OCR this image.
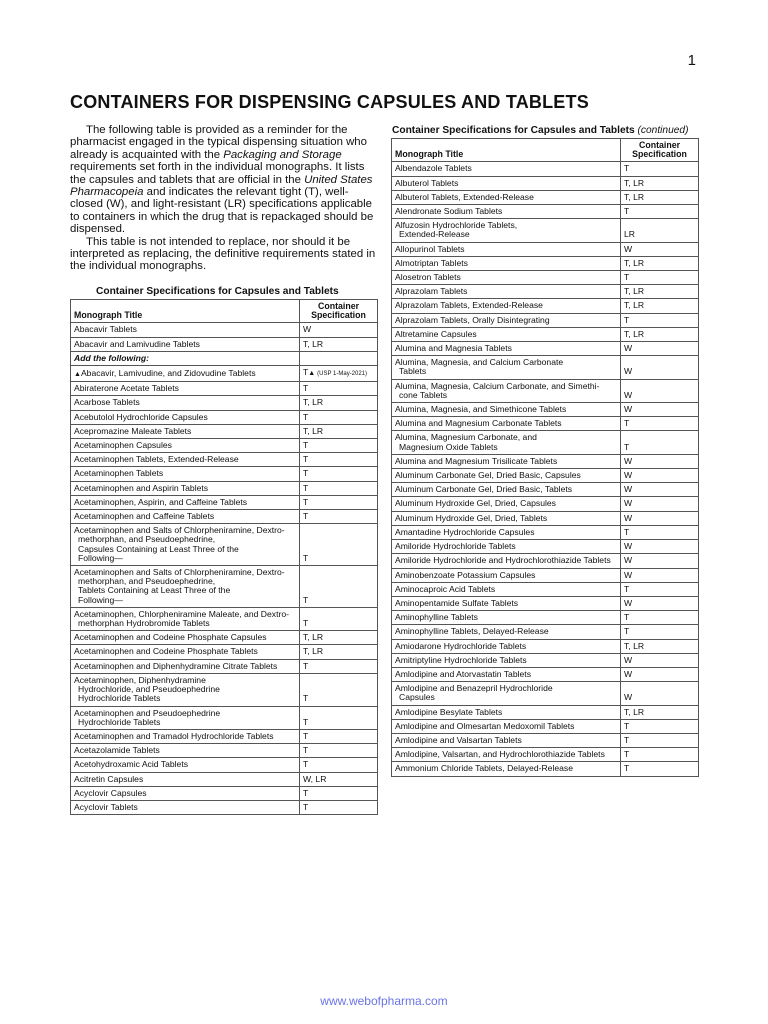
1
CONTAINERS FOR DISPENSING CAPSULES AND TABLETS

The following table is provided as a reminder for the pharmacist engaged in the typical dispensing situation who already is acquainted with the Packaging and Storage requirements set forth in the individual monographs. It lists the capsules and tablets that are official in the United States Pharmacopeia and indicates the relevant tight (T), well-closed (W), and light-resistant (LR) specifications applicable to containers in which the drug that is repackaged should be dispensed.

This table is not intended to replace, nor should it be interpreted as replacing, the definitive requirements stated in the individual monographs.

Container Specifications for Capsules and Tablets
Monograph Title	Container
Specification
Abacavir Tablets	W
Abacavir and Lamivudine Tablets	T, LR
Add the following:	
▲Abacavir, Lamivudine, and Zidovudine Tablets	T▲ (USP 1-May-2021)
Abiraterone Acetate Tablets	T
Acarbose Tablets	T, LR
Acebutolol Hydrochloride Capsules	T
Acepromazine Maleate Tablets	T, LR
Acetaminophen Capsules	T
Acetaminophen Tablets, Extended-Release	T
Acetaminophen Tablets	T
Acetaminophen and Aspirin Tablets	T
Acetaminophen, Aspirin, and Caffeine Tablets	T
Acetaminophen and Caffeine Tablets	T
Acetaminophen and Salts of Chlorpheniramine, Dextro-
methorphan, and Pseudoephedrine,
Capsules Containing at Least Three of the
Following—	T
Acetaminophen and Salts of Chlorpheniramine, Dextro-
methorphan, and Pseudoephedrine,
Tablets Containing at Least Three of the
Following—	T
Acetaminophen, Chlorpheniramine Maleate, and Dextro-
methorphan Hydrobromide Tablets	T
Acetaminophen and Codeine Phosphate Capsules	T, LR
Acetaminophen and Codeine Phosphate Tablets	T, LR
Acetaminophen and Diphenhydramine Citrate Tablets	T
Acetaminophen, Diphenhydramine
Hydrochloride, and Pseudoephedrine
Hydrochloride Tablets	T
Acetaminophen and Pseudoephedrine
Hydrochloride Tablets	T
Acetaminophen and Tramadol Hydrochloride Tablets	T
Acetazolamide Tablets	T
Acetohydroxamic Acid Tablets	T
Acitretin Capsules	W, LR
Acyclovir Capsules	T
Acyclovir Tablets	T
Container Specifications for Capsules and Tablets (continued)
Monograph Title	Container
Specification
Albendazole Tablets	T
Albuterol Tablets	T, LR
Albuterol Tablets, Extended-Release	T, LR
Alendronate Sodium Tablets	T
Alfuzosin Hydrochloride Tablets,
Extended-Release	LR
Allopurinol Tablets	W
Almotriptan Tablets	T, LR
Alosetron Tablets	T
Alprazolam Tablets	T, LR
Alprazolam Tablets, Extended-Release	T, LR
Alprazolam Tablets, Orally Disintegrating	T
Altretamine Capsules	T, LR
Alumina and Magnesia Tablets	W
Alumina, Magnesia, and Calcium Carbonate
Tablets	W
Alumina, Magnesia, Calcium Carbonate, and Simethi-
cone Tablets	W
Alumina, Magnesia, and Simethicone Tablets	W
Alumina and Magnesium Carbonate Tablets	T
Alumina, Magnesium Carbonate, and
Magnesium Oxide Tablets	T
Alumina and Magnesium Trisilicate Tablets	W
Aluminum Carbonate Gel, Dried Basic, Capsules	W
Aluminum Carbonate Gel, Dried Basic, Tablets	W
Aluminum Hydroxide Gel, Dried, Capsules	W
Aluminum Hydroxide Gel, Dried, Tablets	W
Amantadine Hydrochloride Capsules	T
Amiloride Hydrochloride Tablets	W
Amiloride Hydrochloride and Hydrochlorothiazide Tablets	W
Aminobenzoate Potassium Capsules	W
Aminocaproic Acid Tablets	T
Aminopentamide Sulfate Tablets	W
Aminophylline Tablets	T
Aminophylline Tablets, Delayed-Release	T
Amiodarone Hydrochloride Tablets	T, LR
Amitriptyline Hydrochloride Tablets	W
Amlodipine and Atorvastatin Tablets	W
Amlodipine and Benazepril Hydrochloride
Capsules	W
Amlodipine Besylate Tablets	T, LR
Amlodipine and Olmesartan Medoxomil Tablets	T
Amlodipine and Valsartan Tablets	T
Amlodipine, Valsartan, and Hydrochlorothiazide Tablets	T
Ammonium Chloride Tablets, Delayed-Release	T
www.webofpharma.com
